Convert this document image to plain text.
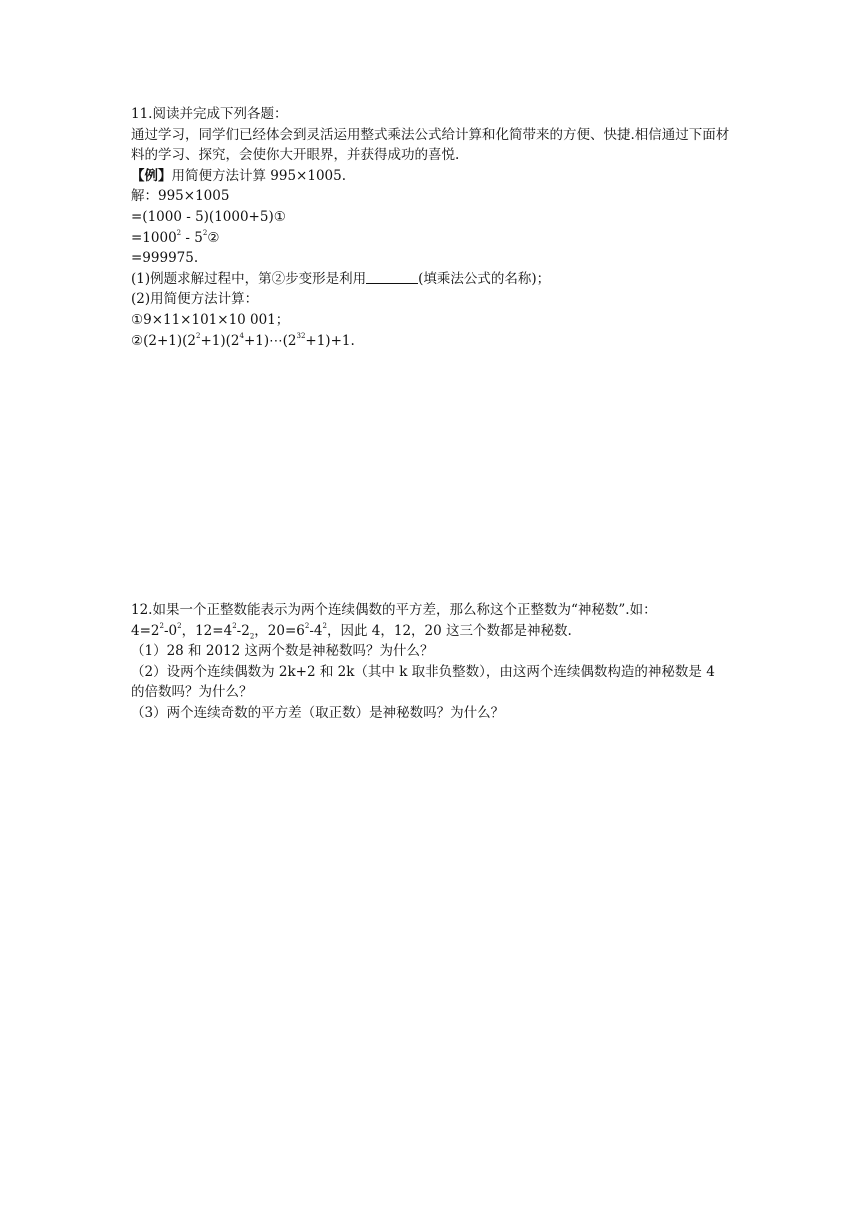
11.阅读并完成下列各题：
通过学习，同学们已经体会到灵活运用整式乘法公式给计算和化简带来的方便、快捷.相信通过下面材料的学习、探究，会使你大开眼界，并获得成功的喜悦.
【例】用简便方法计算 995×1005.
解：995×1005
=(1000 - 5)(1000+5)①
$=1000^2$ - $5^2②$
=999975.
(1)例题求解过程中，第②步变形是利用	(填乘法公式的名称)；
(2)用简便方法计算：
①9×11×101×10 001；
$②(2+1)(2^2+1)(2^4+1)\cdots(2^{32}+1)+1$.
12.如果一个正整数能表示为两个连续偶数的平方差，那么称这个正整数为“神秘数”.如：
$4=2^2-0^2$，$12=4^2-2_2$，$20=6^2-4^2$，因此 4，12，20 这三个数都是神秘数.
（1）28 和 2012 这两个数是神秘数吗？为什么？
（2）设两个连续偶数为 2k+2 和 2k（其中 k 取非负整数），由这两个连续偶数构造的神秘数是 4 的倍数吗？为什么？
（3）两个连续奇数的平方差（取正数）是神秘数吗？为什么？
